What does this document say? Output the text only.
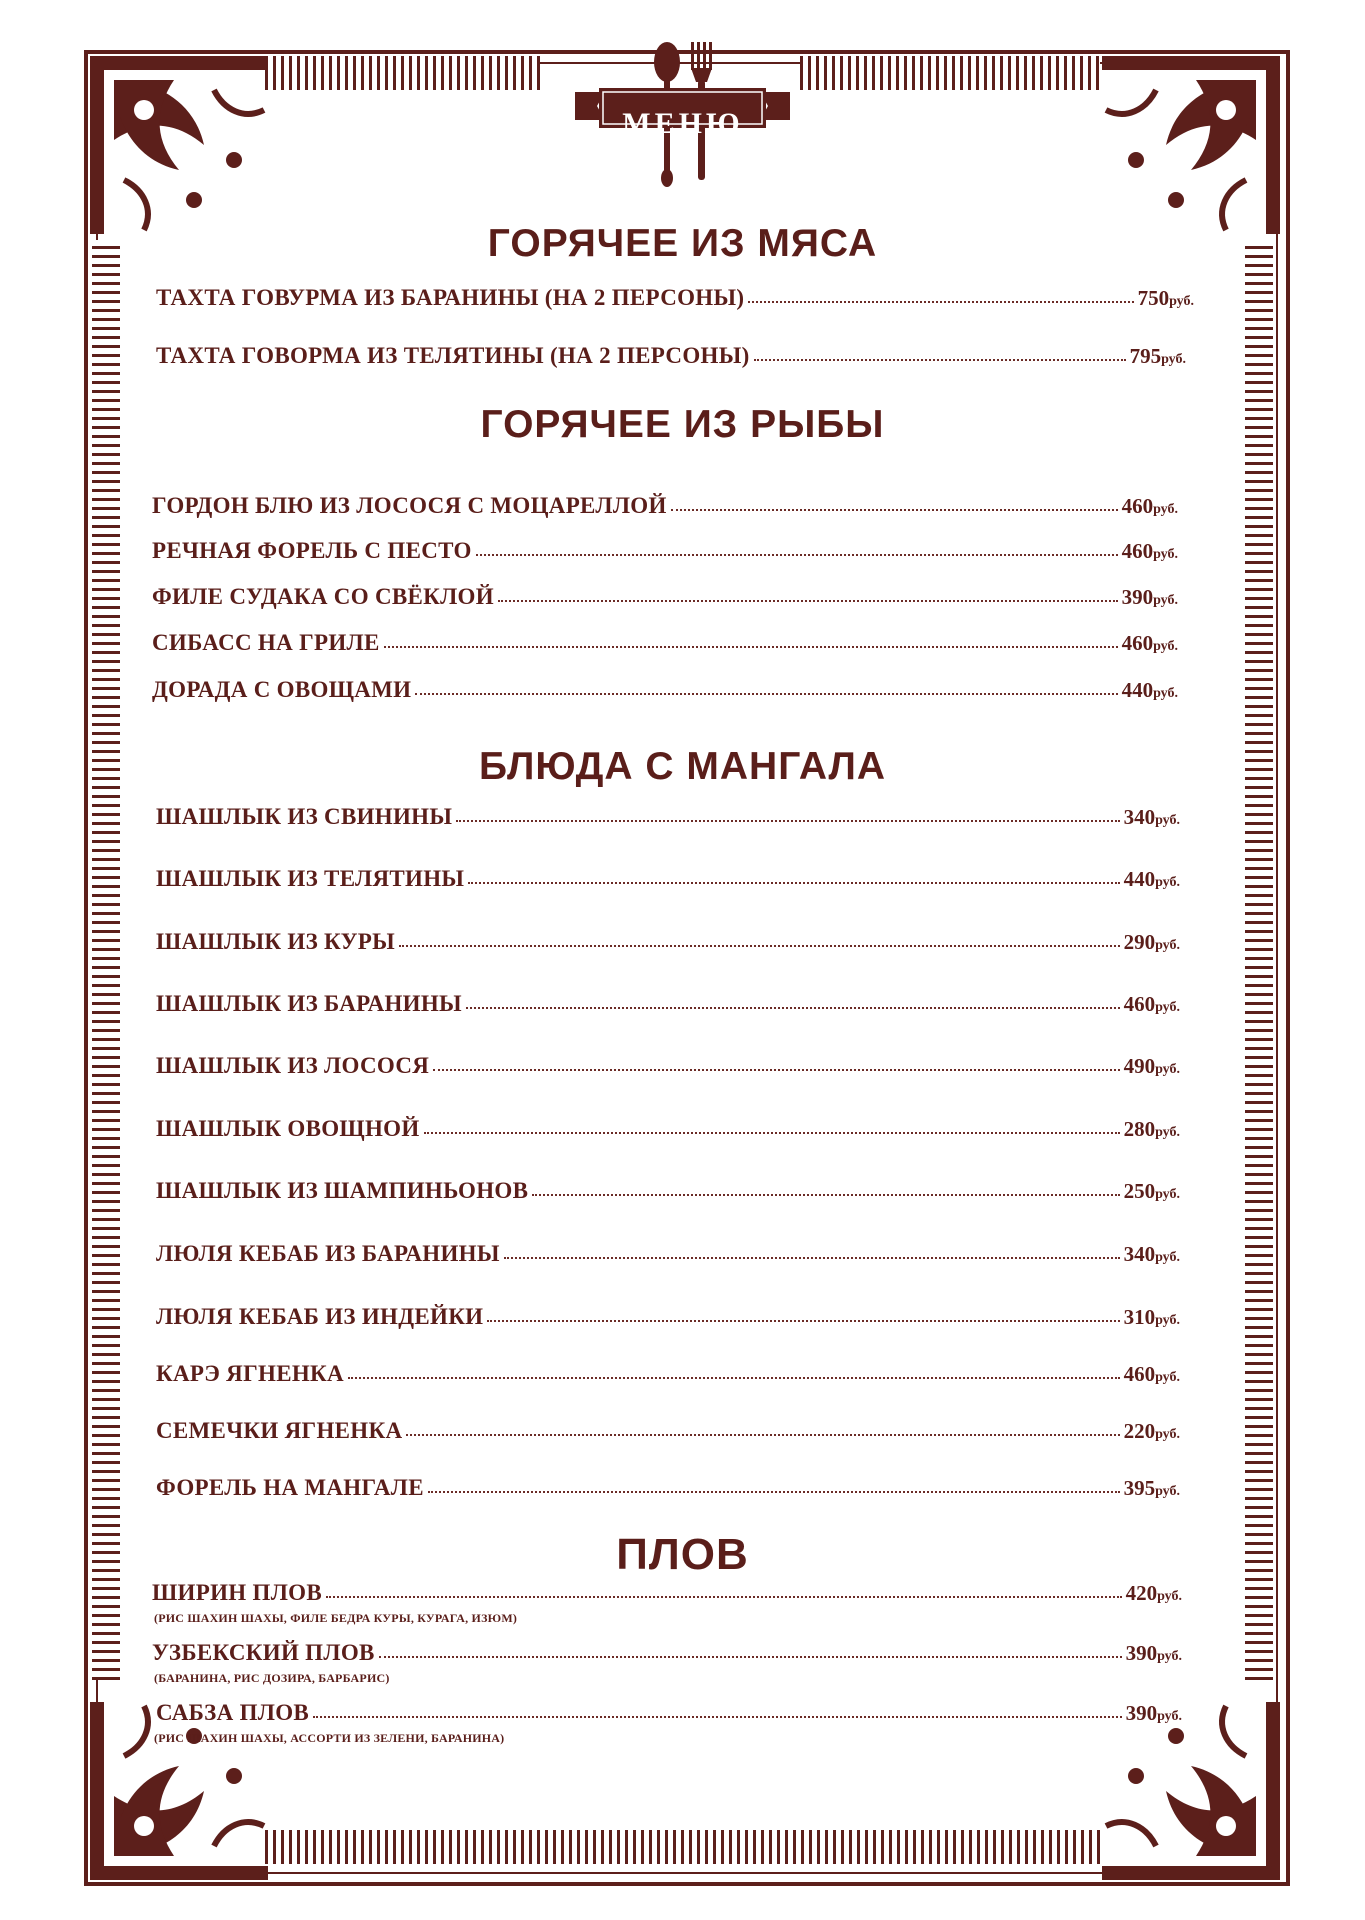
МЕНЮ
ГОРЯЧЕЕ ИЗ МЯСА
ТАХТА ГОВУРМА ИЗ БАРАНИНЫ (НА 2 ПЕРСОНЫ)	750 руб.
ТАХТА ГОВОРМА ИЗ ТЕЛЯТИНЫ (НА 2 ПЕРСОНЫ)	795 руб.
ГОРЯЧЕЕ ИЗ РЫБЫ
ГОРДОН БЛЮ ИЗ ЛОСОСЯ С МОЦАРЕЛЛОЙ	460 руб.
РЕЧНАЯ ФОРЕЛЬ С ПЕСТО	460 руб.
ФИЛЕ СУДАКА СО СВЁКЛОЙ	390 руб.
СИБАСС НА ГРИЛЕ	460 руб.
ДОРАДА С ОВОЩАМИ	440 руб.
БЛЮДА С МАНГАЛА
ШАШЛЫК ИЗ СВИНИНЫ	340 руб.
ШАШЛЫК ИЗ ТЕЛЯТИНЫ	440 руб.
ШАШЛЫК ИЗ КУРЫ	290 руб.
ШАШЛЫК ИЗ БАРАНИНЫ	460 руб.
ШАШЛЫК ИЗ ЛОСОСЯ	490 руб.
ШАШЛЫК ОВОЩНОЙ	280 руб.
ШАШЛЫК ИЗ ШАМПИНЬОНОВ	250 руб.
ЛЮЛЯ КЕБАБ ИЗ БАРАНИНЫ	340 руб.
ЛЮЛЯ КЕБАБ ИЗ ИНДЕЙКИ	310 руб.
КАРЭ ЯГНЕНКА	460 руб.
СЕМЕЧКИ ЯГНЕНКА	220 руб.
ФОРЕЛЬ НА МАНГАЛЕ	395 руб.
ПЛОВ
ШИРИН ПЛОВ	420 руб.
(РИС ШАХИН ШАХЫ, ФИЛЕ БЕДРА КУРЫ, КУРАГА, ИЗЮМ)
УЗБЕКСКИЙ ПЛОВ	390 руб.
(БАРАНИНА, РИС ДОЗИРА, БАРБАРИС)
САБЗА ПЛОВ	390 руб.
(РИС ШАХИН ШАХЫ, АССОРТИ ИЗ ЗЕЛЕНИ, БАРАНИНА)
